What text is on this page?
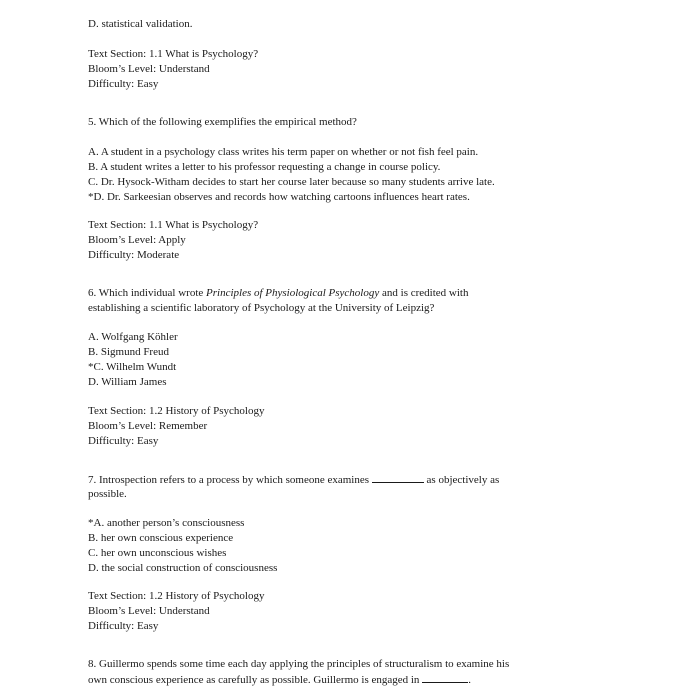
D. statistical validation.
Text Section: 1.1 What is Psychology?
Bloom’s Level: Understand
Difficulty: Easy
5. Which of the following exemplifies the empirical method?
A. A student in a psychology class writes his term paper on whether or not fish feel pain.
B. A student writes a letter to his professor requesting a change in course policy.
C. Dr. Hysock-Witham decides to start her course later because so many students arrive late.
*D. Dr. Sarkeesian observes and records how watching cartoons influences heart rates.
Text Section: 1.1 What is Psychology?
Bloom’s Level: Apply
Difficulty: Moderate
6. Which individual wrote Principles of Physiological Psychology and is credited with
establishing a scientific laboratory of Psychology at the University of Leipzig?
A. Wolfgang Köhler
B. Sigmund Freud
*C. Wilhelm Wundt
D. William James
Text Section: 1.2 History of Psychology
Bloom’s Level: Remember
Difficulty: Easy
7. Introspection refers to a process by which someone examines	as objectively as
possible.
*A. another person’s consciousness
B. her own conscious experience
C. her own unconscious wishes
D. the social construction of consciousness
Text Section: 1.2 History of Psychology
Bloom’s Level: Understand
Difficulty: Easy
8. Guillermo spends some time each day applying the principles of structuralism to examine his
own conscious experience as carefully as possible. Guillermo is engaged in	.
